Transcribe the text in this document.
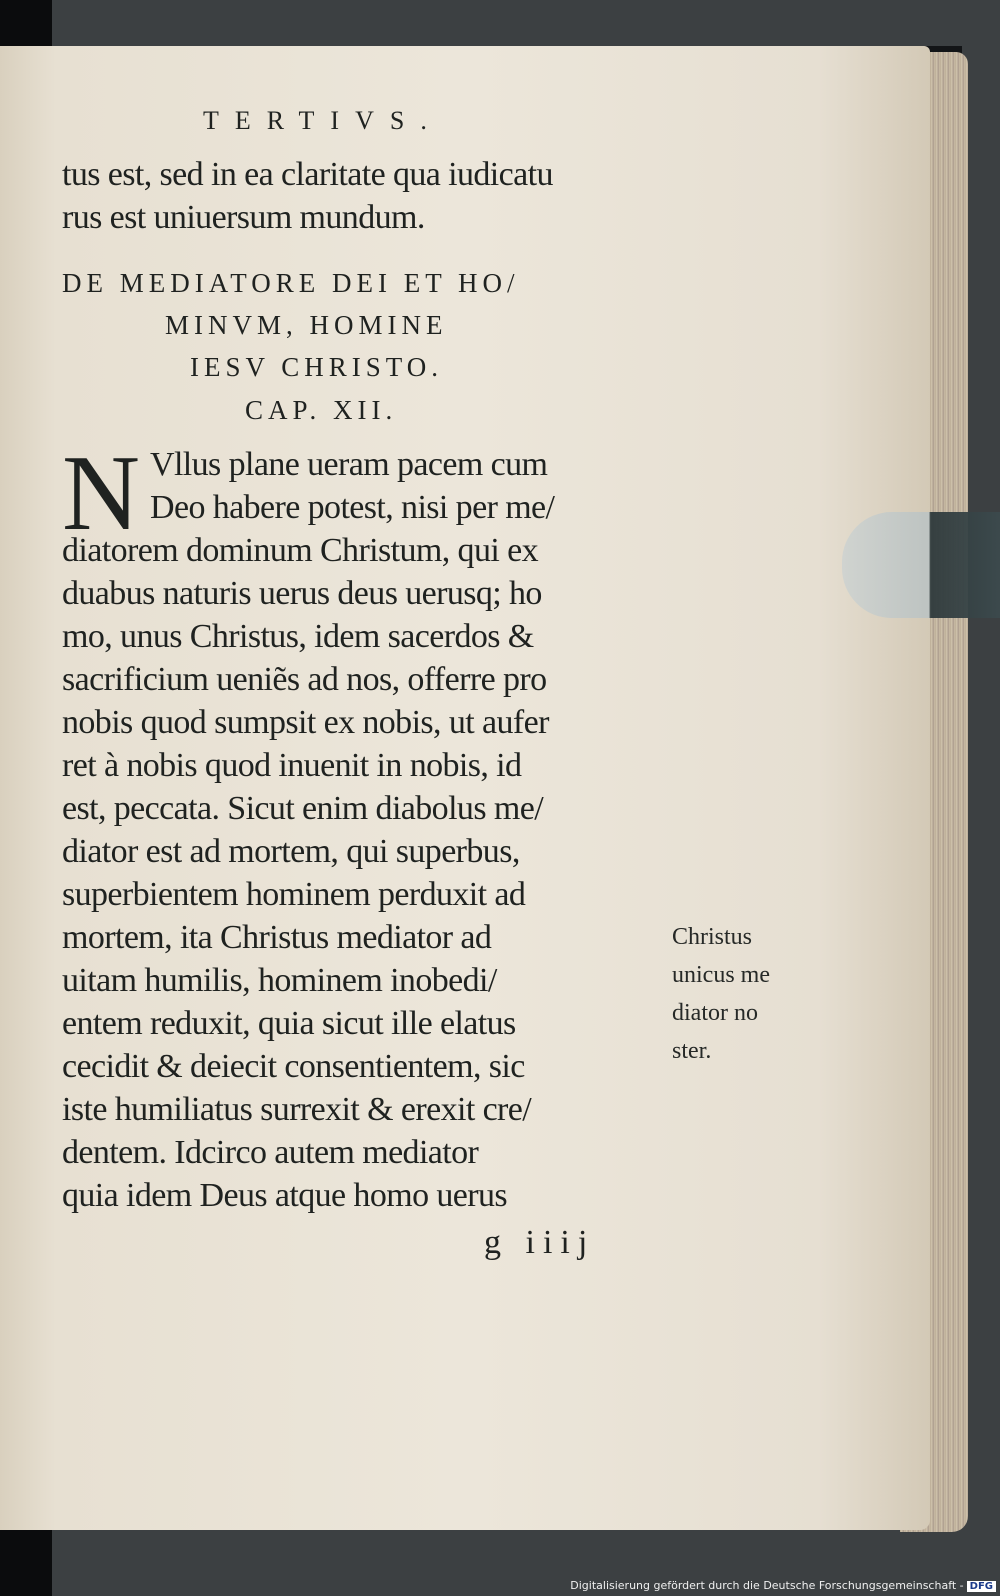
TERTIVS.
tus est, sed in ea claritate qua iudicatu
rus est uniuersum mundum.
DE MEDIATORE DEI ET HO/
MINVM, HOMINE
IESV CHRISTO.
CAP. XII.
N Vllus plane ueram pacem cum
Deo habere potest, nisi per me/
diatorem dominum Christum, qui ex
duabus naturis uerus deus uerusq; ho
mo, unus Christus, idem sacerdos &
sacrificium ueniẽs ad nos, offerre pro
nobis quod sumpsit ex nobis, ut aufer
ret à nobis quod inuenit in nobis, id
est, peccata. Sicut enim diabolus me/
diator est ad mortem, qui superbus,
superbientem hominem perduxit ad
mortem, ita Christus mediator ad
uitam humilis, hominem inobedi/
entem reduxit, quia sicut ille elatus
cecidit & deiecit consentientem, sic
iste humiliatus surrexit & erexit cre/
dentem. Idcirco autem mediator
quia idem Deus atque homo uerus
Christus
unicus me
diator no
ster.
g iiij
Digitalisierung gefördert durch die Deutsche Forschungsgemeinschaft - DFG
